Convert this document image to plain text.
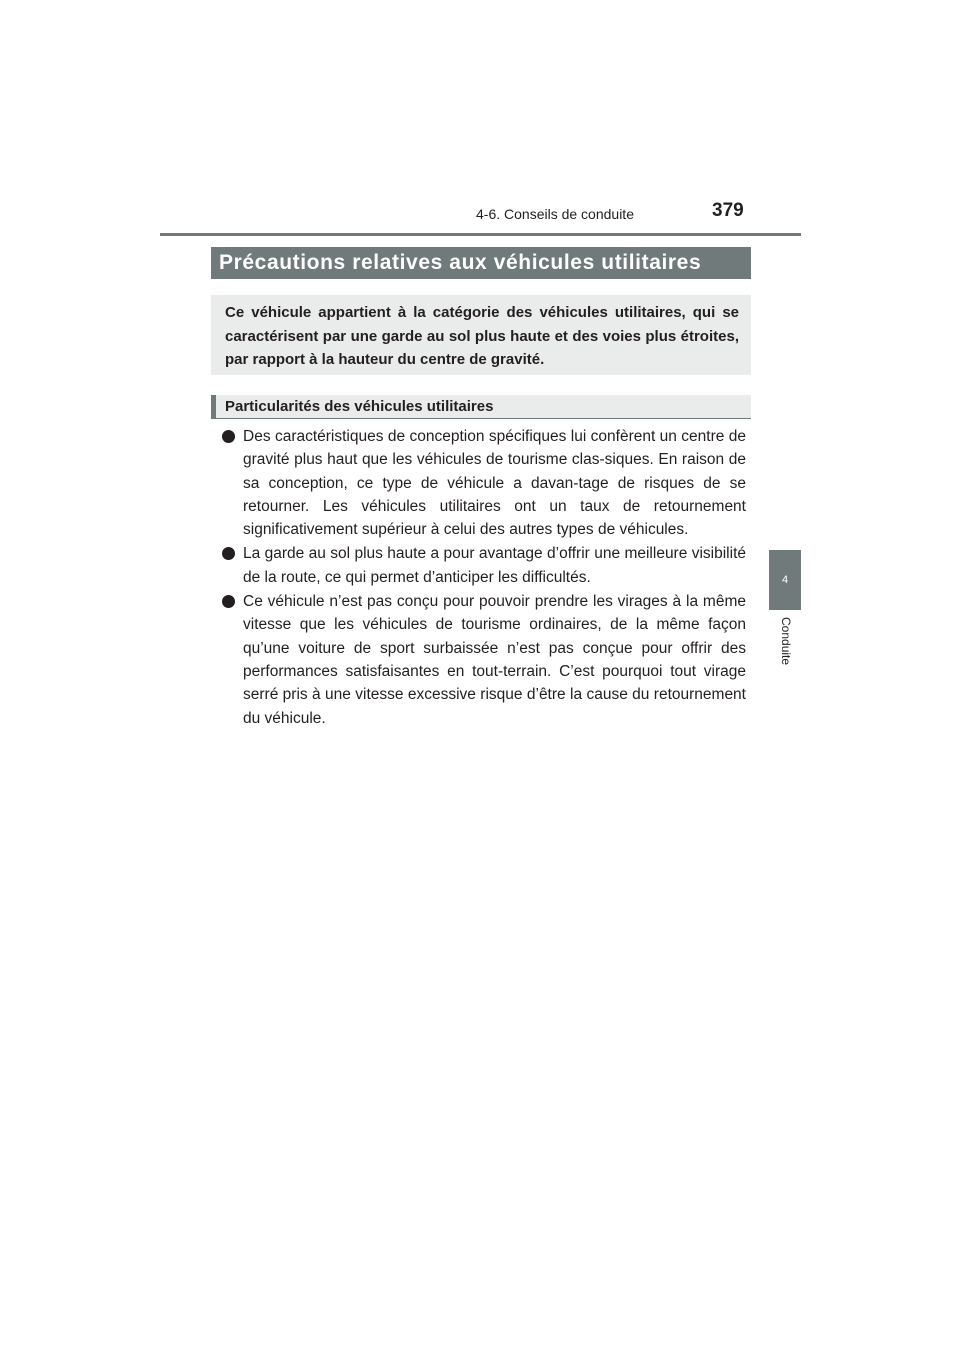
4-6. Conseils de conduite	379
4
Conduite
Précautions relatives aux véhicules utilitaires
Ce véhicule appartient à la catégorie des véhicules utilitaires, qui se caractérisent par une garde au sol plus haute et des voies plus étroites, par rapport à la hauteur du centre de gravité.
Particularités des véhicules utilitaires
Des caractéristiques de conception spécifiques lui confèrent un centre de gravité plus haut que les véhicules de tourisme clas-siques. En raison de sa conception, ce type de véhicule a davan-tage de risques de se retourner. Les véhicules utilitaires ont un taux de retournement significativement supérieur à celui des autres types de véhicules.
La garde au sol plus haute a pour avantage d’offrir une meilleure visibilité de la route, ce qui permet d’anticiper les difficultés.
Ce véhicule n’est pas conçu pour pouvoir prendre les virages à la même vitesse que les véhicules de tourisme ordinaires, de la même façon qu’une voiture de sport surbaissée n’est pas conçue pour offrir des performances satisfaisantes en tout-terrain. C’est pourquoi tout virage serré pris à une vitesse excessive risque d’être la cause du retournement du véhicule.
